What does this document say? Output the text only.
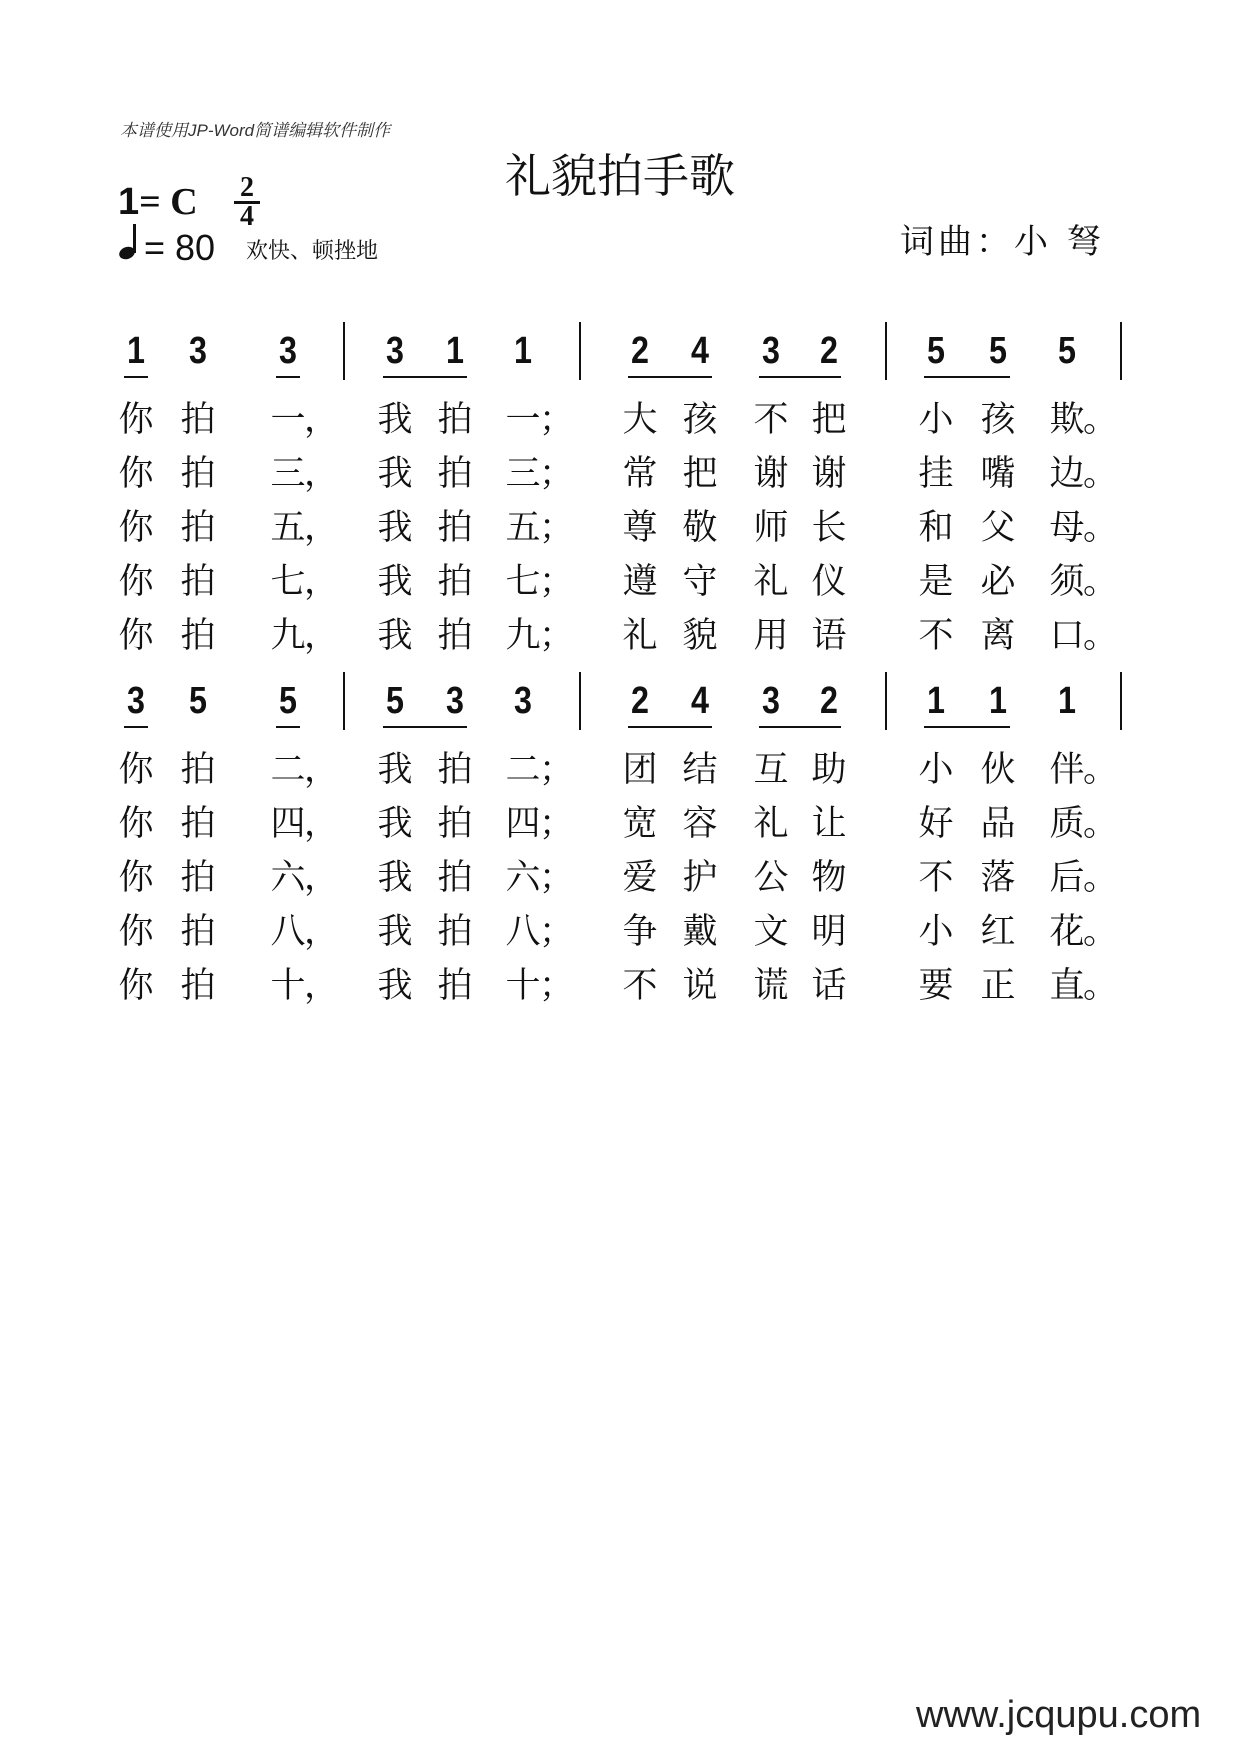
本谱使用JP-Word简谱编辑软件制作
礼貌拍手歌
1= C 2
4
= 80 欢快、顿挫地	词曲：小 弩
1 3 3 3 1 1	2 4 3 2 5 5 5
你 拍 一
， 我 拍 一
； 大 孩 不 把 小 孩 欺
。
你 拍 三
， 我 拍 三
； 常 把 谢 谢 挂 嘴 边
。
你 拍 五
， 我 拍 五
； 尊 敬 师 长 和 父 母
。
你 拍 七
， 我 拍 七
； 遵 守 礼 仪 是 必 须
。
你 拍 九
， 我 拍 九
； 礼 貌 用 语 不 离 口
。
3 5 5 5 3 3	2 4 3 2 1 1 1
你 拍 二
， 我 拍 二
； 团 结 互 助 小 伙 伴
。
你 拍 四
， 我 拍 四
； 宽 容 礼 让 好 品 质
。
你 拍 六
， 我 拍 六
； 爱 护 公 物 不 落 后
。
你 拍 八
， 我 拍 八
； 争 戴 文 明 小 红 花
。
你 拍 十
， 我 拍 十
； 不 说 谎 话 要 正 直
。
www.jcqupu.com
